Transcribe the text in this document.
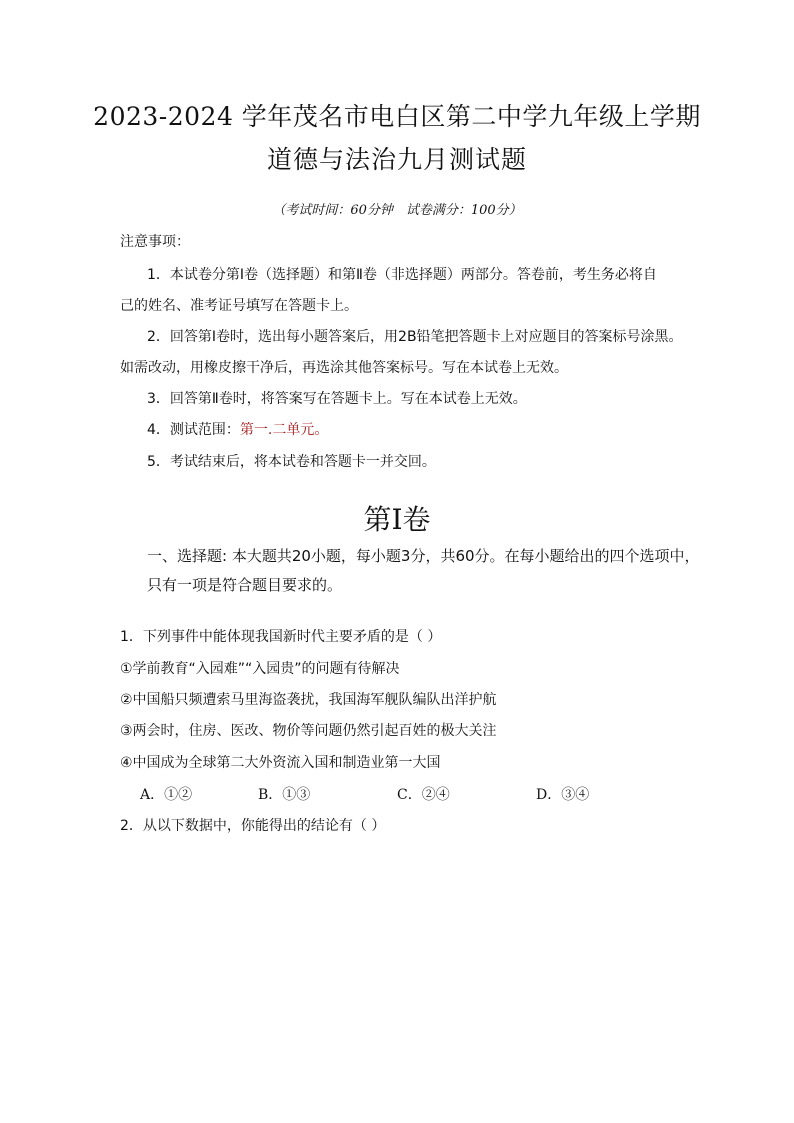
2023-2024 学年茂名市电白区第二中学九年级上学期
道德与法治九月测试题
（考试时间：60分钟　试卷满分：100分）
注意事项：
1．本试卷分第Ⅰ卷（选择题）和第Ⅱ卷（非选择题）两部分。答卷前，考生务必将自
己的姓名、准考证号填写在答题卡上。
2．回答第Ⅰ卷时，选出每小题答案后，用2B铅笔把答题卡上对应题目的答案标号涂黑。
如需改动，用橡皮擦干净后，再选涂其他答案标号。写在本试卷上无效。
3．回答第Ⅱ卷时，将答案写在答题卡上。写在本试卷上无效。
4．测试范围：第一.二单元。
5．考试结束后，将本试卷和答题卡一并交回。
第Ⅰ卷
一、选择题: 本大题共20小题，每小题3分，共60分。在每小题给出的四个选项中，
只有一项是符合题目要求的。
1．下列事件中能体现我国新时代主要矛盾的是（ ）
①学前教育“入园难”“入园贵”的问题有待解决
②中国船只频遭索马里海盗袭扰，我国海军舰队编队出洋护航
③两会时，住房、医改、物价等问题仍然引起百姓的极大关注
④中国成为全球第二大外资流入国和制造业第一大国
A．①②	B．①③	C．②④	D．③④
2．从以下数据中，你能得出的结论有（ ）
